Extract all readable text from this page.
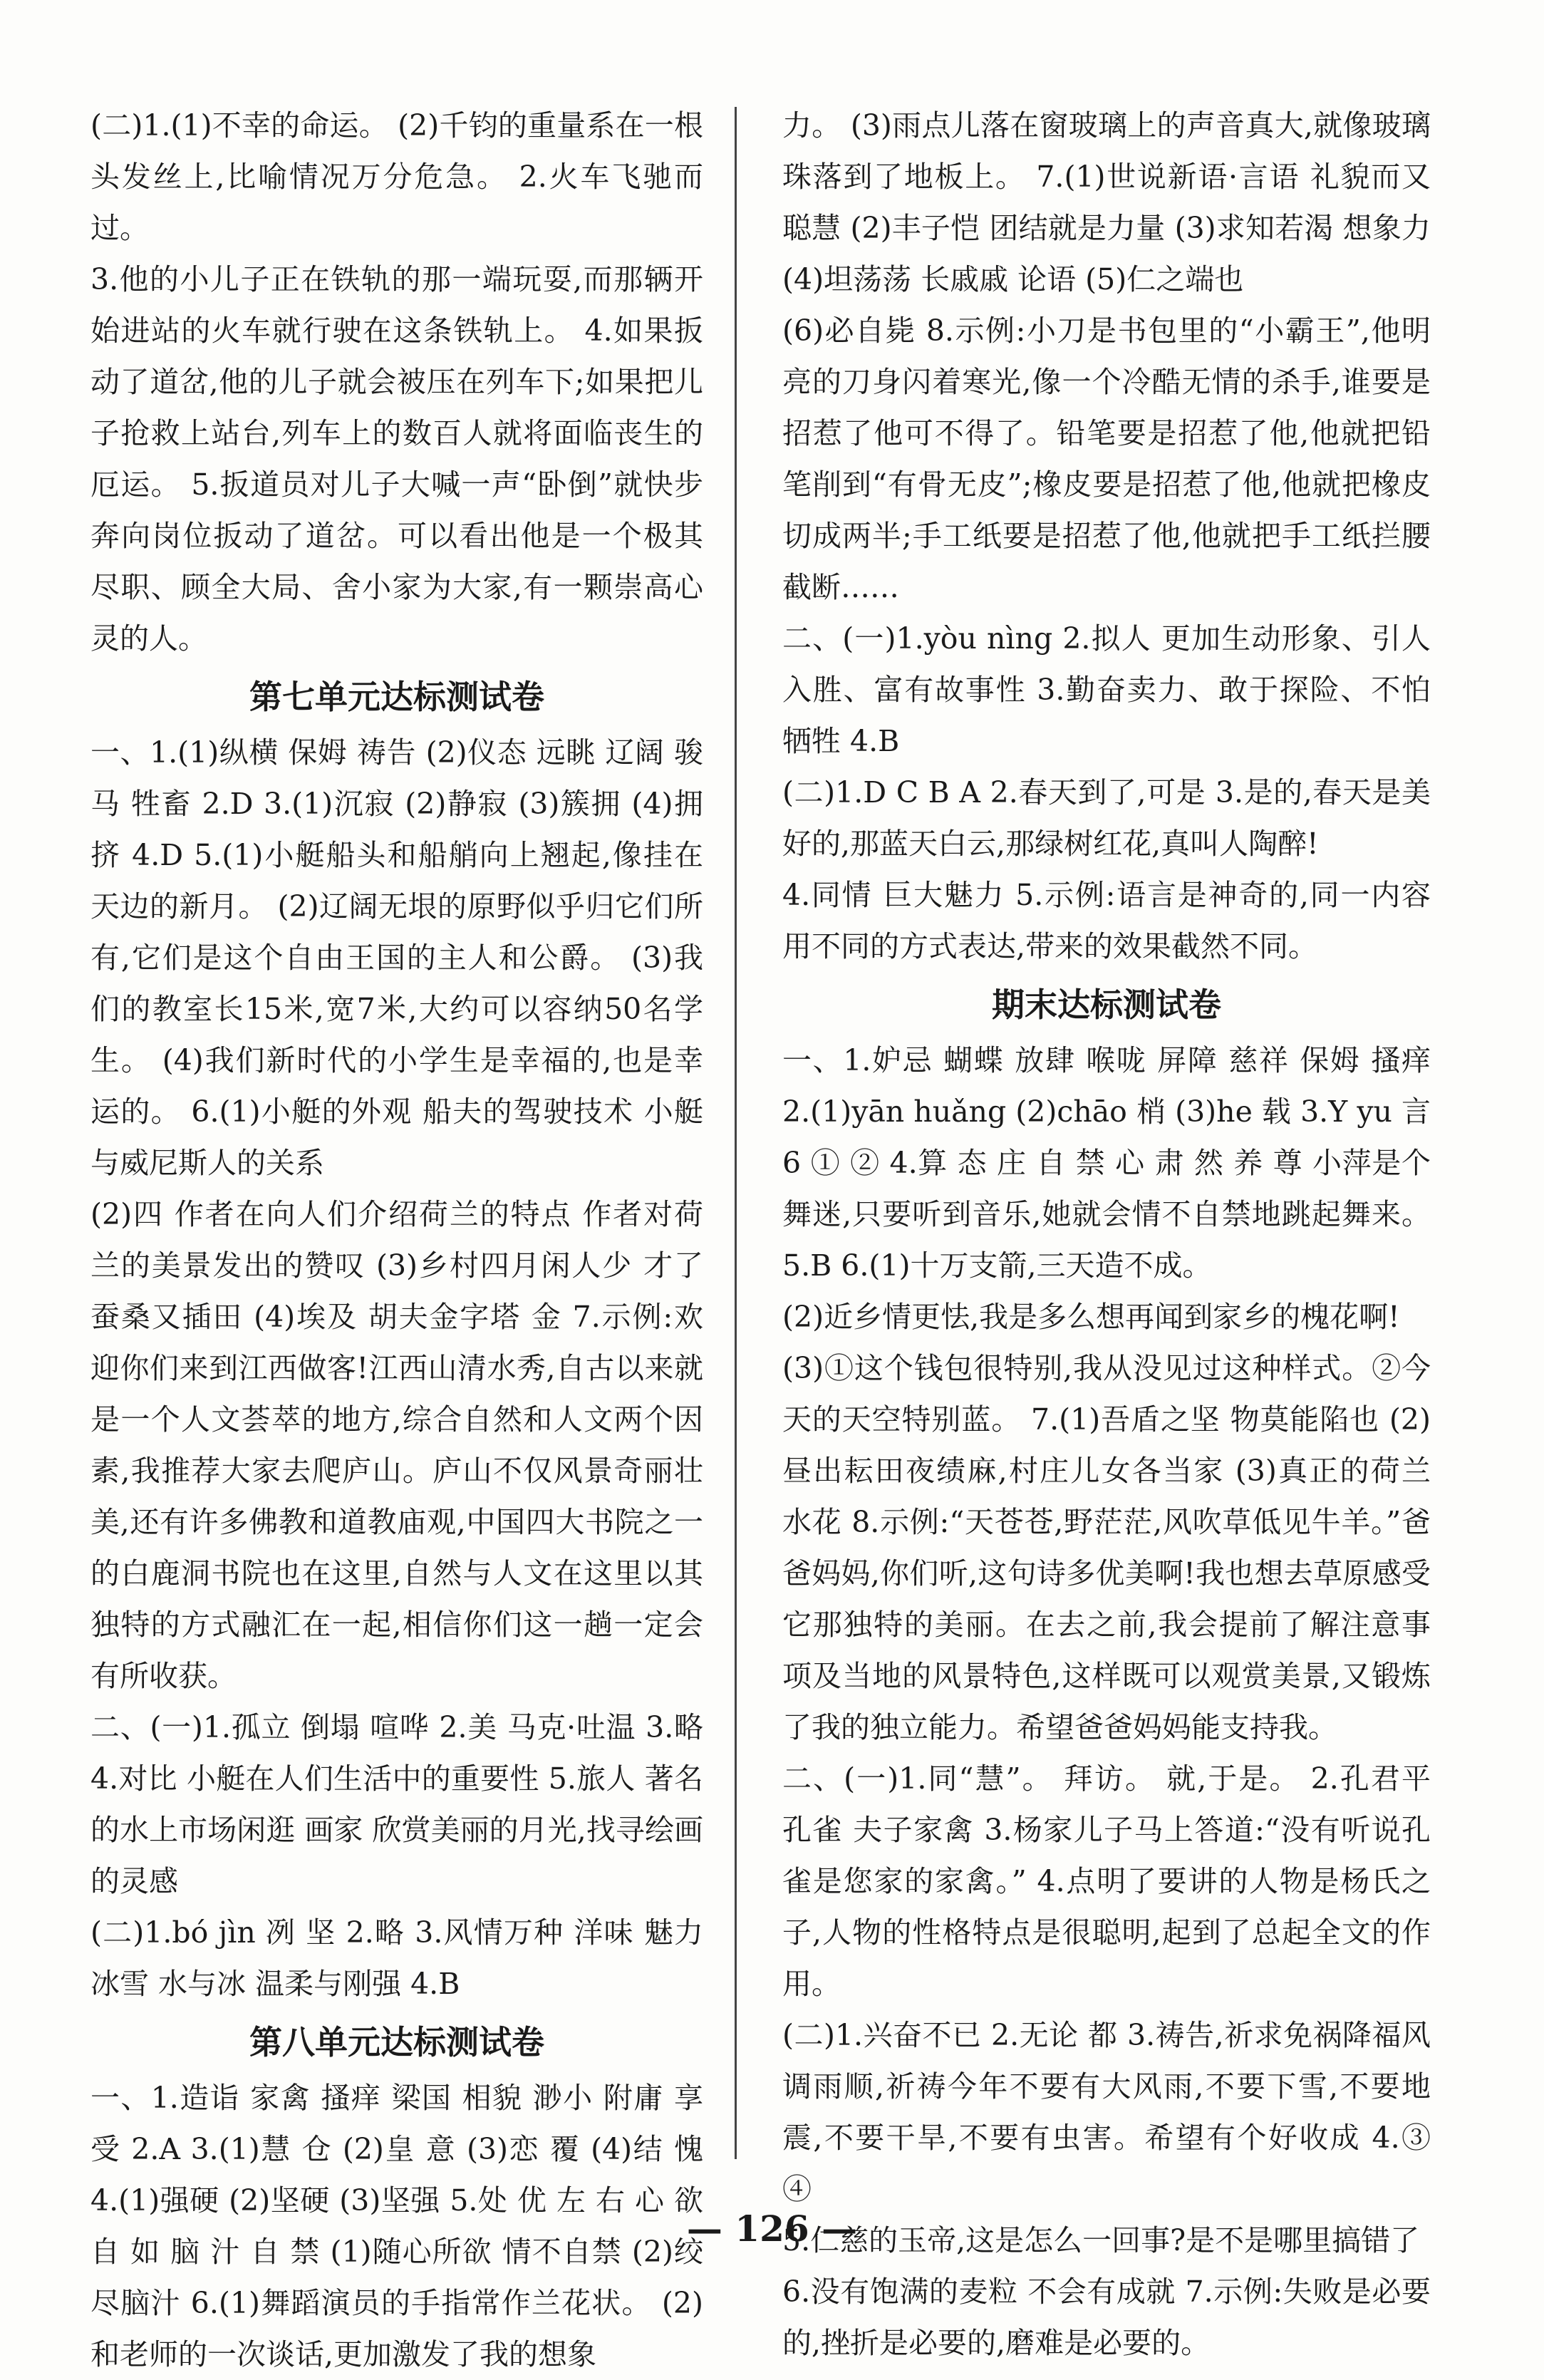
(二)1.(1)不幸的命运。 (2)千钧的重量系在一根头发丝上,比喻情况万分危急。 2.火车飞驰而过。

3.他的小儿子正在铁轨的那一端玩耍,而那辆开始进站的火车就行驶在这条铁轨上。 4.如果扳动了道岔,他的儿子就会被压在列车下;如果把儿子抢救上站台,列车上的数百人就将面临丧生的厄运。 5.扳道员对儿子大喊一声“卧倒”就快步奔向岗位扳动了道岔。可以看出他是一个极其尽职、顾全大局、舍小家为大家,有一颗崇高心灵的人。

第七单元达标测试卷

一、1.(1)纵横 保姆 祷告 (2)仪态 远眺 辽阔 骏马 牲畜 2.D 3.(1)沉寂 (2)静寂 (3)簇拥 (4)拥挤 4.D 5.(1)小艇船头和船艄向上翘起,像挂在天边的新月。 (2)辽阔无垠的原野似乎归它们所有,它们是这个自由王国的主人和公爵。 (3)我们的教室长15米,宽7米,大约可以容纳50名学生。 (4)我们新时代的小学生是幸福的,也是幸运的。 6.(1)小艇的外观 船夫的驾驶技术 小艇与威尼斯人的关系

(2)四 作者在向人们介绍荷兰的特点 作者对荷兰的美景发出的赞叹 (3)乡村四月闲人少 才了蚕桑又插田 (4)埃及 胡夫金字塔 金 7.示例:欢迎你们来到江西做客!江西山清水秀,自古以来就是一个人文荟萃的地方,综合自然和人文两个因素,我推荐大家去爬庐山。庐山不仅风景奇丽壮美,还有许多佛教和道教庙观,中国四大书院之一的白鹿洞书院也在这里,自然与人文在这里以其独特的方式融汇在一起,相信你们这一趟一定会有所收获。

二、(一)1.孤立 倒塌 喧哗 2.美 马克·吐温 3.略 4.对比 小艇在人们生活中的重要性 5.旅人 著名的水上市场闲逛 画家 欣赏美丽的月光,找寻绘画的灵感

(二)1.bó jìn 冽 坚 2.略 3.风情万种 洋味 魅力 冰雪 水与冰 温柔与刚强 4.B

第八单元达标测试卷

一、1.造诣 家禽 搔痒 梁国 相貌 渺小 附庸 享受 2.A 3.(1)慧 仓 (2)皇 意 (3)恋 覆 (4)结 愧 4.(1)强硬 (2)坚硬 (3)坚强 5.处 优 左 右 心 欲 自 如 脑 汁 自 禁 (1)随心所欲 情不自禁 (2)绞尽脑汁 6.(1)舞蹈演员的手指常作兰花状。 (2)和老师的一次谈话,更加激发了我的想象

力。 (3)雨点儿落在窗玻璃上的声音真大,就像玻璃珠落到了地板上。 7.(1)世说新语·言语 礼貌而又聪慧 (2)丰子恺 团结就是力量 (3)求知若渴 想象力 (4)坦荡荡 长戚戚 论语 (5)仁之端也

(6)必自毙 8.示例:小刀是书包里的“小霸王”,他明亮的刀身闪着寒光,像一个冷酷无情的杀手,谁要是招惹了他可不得了。铅笔要是招惹了他,他就把铅笔削到“有骨无皮”;橡皮要是招惹了他,他就把橡皮切成两半;手工纸要是招惹了他,他就把手工纸拦腰截断……

二、(一)1.yòu nìng 2.拟人 更加生动形象、引人入胜、富有故事性 3.勤奋卖力、敢于探险、不怕牺牲 4.B

(二)1.D C B A 2.春天到了,可是 3.是的,春天是美好的,那蓝天白云,那绿树红花,真叫人陶醉!

4.同情 巨大魅力 5.示例:语言是神奇的,同一内容用不同的方式表达,带来的效果截然不同。

期末达标测试卷

一、1.妒忌 蝴蝶 放肆 喉咙 屏障 慈祥 保姆 搔痒 2.(1)yān huǎng (2)chāo 梢 (3)he 载 3.Y yu 言 6 ① ② 4.算 态 庄 自 禁 心 肃 然 养 尊 小萍是个舞迷,只要听到音乐,她就会情不自禁地跳起舞来。 5.B 6.(1)十万支箭,三天造不成。

(2)近乡情更怯,我是多么想再闻到家乡的槐花啊!

(3)①这个钱包很特别,我从没见过这种样式。②今天的天空特别蓝。 7.(1)吾盾之坚 物莫能陷也 (2)昼出耘田夜绩麻,村庄儿女各当家 (3)真正的荷兰 水花 8.示例:“天苍苍,野茫茫,风吹草低见牛羊。”爸爸妈妈,你们听,这句诗多优美啊!我也想去草原感受它那独特的美丽。在去之前,我会提前了解注意事项及当地的风景特色,这样既可以观赏美景,又锻炼了我的独立能力。希望爸爸妈妈能支持我。

二、(一)1.同“慧”。 拜访。 就,于是。 2.孔君平 孔雀 夫子家禽 3.杨家儿子马上答道:“没有听说孔雀是您家的家禽。” 4.点明了要讲的人物是杨氏之子,人物的性格特点是很聪明,起到了总起全文的作用。

(二)1.兴奋不已 2.无论 都 3.祷告,祈求免祸降福风调雨顺,祈祷今年不要有大风雨,不要下雪,不要地震,不要干旱,不要有虫害。希望有个好收成 4.③ ④

5.仁慈的玉帝,这是怎么一回事?是不是哪里搞错了

6.没有饱满的麦粒 不会有成就 7.示例:失败是必要的,挫折是必要的,磨难是必要的。

— 126 —
